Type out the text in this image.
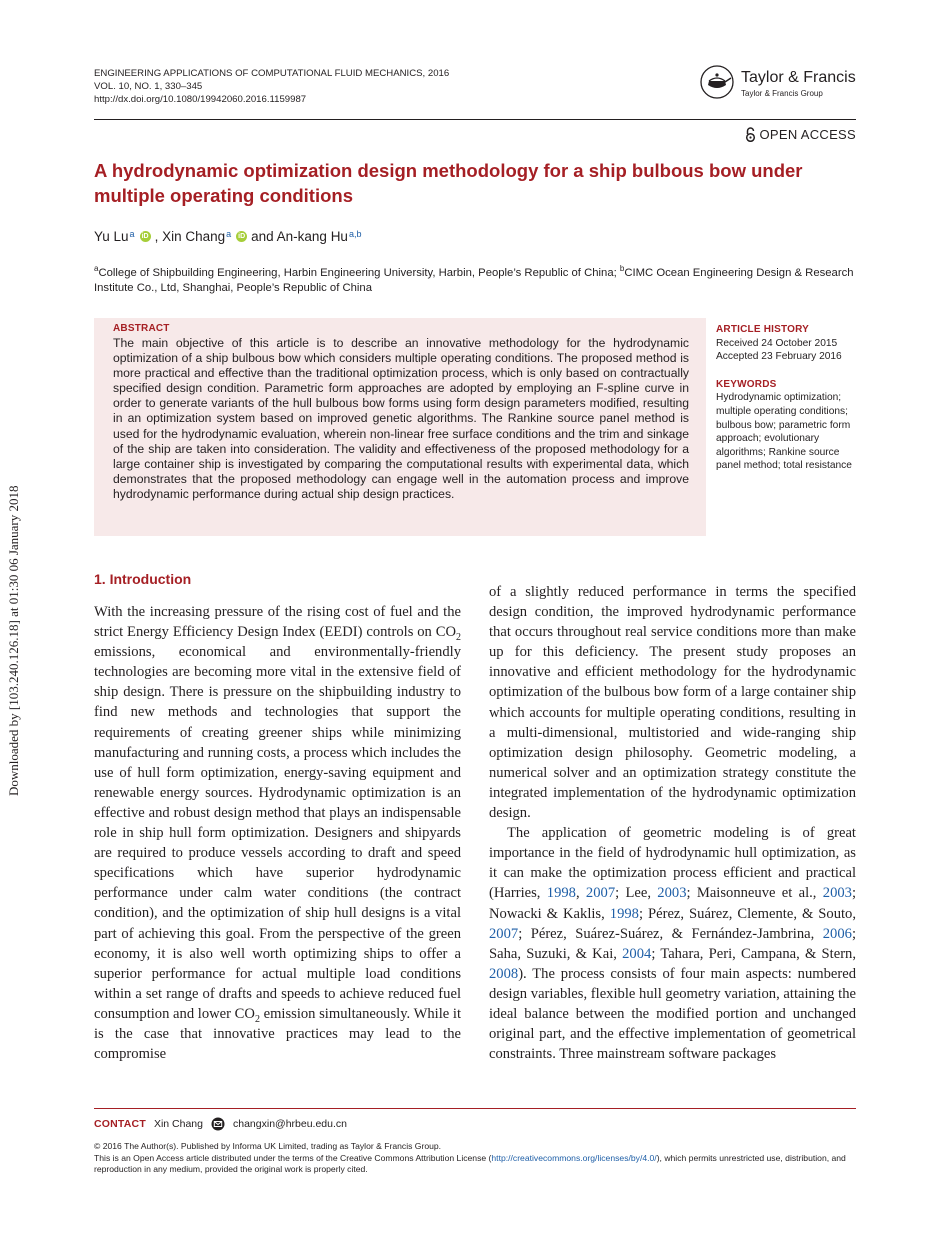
ENGINEERING APPLICATIONS OF COMPUTATIONAL FLUID MECHANICS, 2016
VOL. 10, NO. 1, 330–345
http://dx.doi.org/10.1080/19942060.2016.1159987
Taylor & Francis
Taylor & Francis Group
OPEN ACCESS
A hydrodynamic optimization design methodology for a ship bulbous bow under multiple operating conditions
Yu Lu$^a$ iD , Xin Chang$^a$ iD and An-kang Hu$^{a,b}$
$^a$College of Shipbuilding Engineering, Harbin Engineering University, Harbin, People’s Republic of China; $^b$CIMC Ocean Engineering Design & Research Institute Co., Ltd, Shanghai, People’s Republic of China
ABSTRACT
The main objective of this article is to describe an innovative methodology for the hydrodynamic optimization of a ship bulbous bow which considers multiple operating conditions. The proposed method is more practical and effective than the traditional optimization process, which is only based on contractually specified design condition. Parametric form approaches are adopted by employing an F-spline curve in order to generate variants of the hull bulbous bow forms using form design parameters modified, resulting in an optimization system based on improved genetic algorithms. The Rankine source panel method is used for the hydrodynamic evaluation, wherein non-linear free surface conditions and the trim and sinkage of the ship are taken into consideration. The validity and effectiveness of the proposed methodology for a large container ship is investigated by comparing the computational results with experimental data, which demonstrates that the proposed methodology can engage well in the automation process and improve hydrodynamic performance during actual ship design practices.
ARTICLE HISTORY
Received 24 October 2015
Accepted 23 February 2016
KEYWORDS
Hydrodynamic optimization; multiple operating conditions; bulbous bow; parametric form approach; evolutionary algorithms; Rankine source panel method; total resistance
1. Introduction

With the increasing pressure of the rising cost of fuel and the strict Energy Efficiency Design Index (EEDI) controls on $CO_2$ emissions, economical and environmentally-friendly technologies are becoming more vital in the extensive field of ship design. There is pressure on the shipbuilding industry to find new methods and technologies that support the requirements of creating greener ships while minimizing manufacturing and running costs, a process which includes the use of hull form optimization, energy-saving equipment and renewable energy sources. Hydrodynamic optimization is an effective and robust design method that plays an indispensable role in ship hull form optimization. Designers and shipyards are required to produce vessels according to draft and speed specifications which have superior hydrodynamic performance under calm water conditions (the contract condition), and the optimization of ship hull designs is a vital part of achieving this goal. From the perspective of the green economy, it is also well worth optimizing ships to offer a superior performance for actual multiple load conditions within a set range of drafts and speeds to achieve reduced fuel consumption and lower $CO_2$ emission simultaneously. While it is the case that innovative practices may lead to the compromise

of a slightly reduced performance in terms the specified design condition, the improved hydrodynamic performance that occurs throughout real service conditions more than make up for this deficiency. The present study proposes an innovative and efficient methodology for the hydrodynamic optimization of the bulbous bow form of a large container ship which accounts for multiple operating conditions, resulting in a multi-dimensional, multistoried and wide-ranging ship optimization design philosophy. Geometric modeling, a numerical solver and an optimization strategy constitute the integrated implementation of the hydrodynamic optimization design.

The application of geometric modeling is of great importance in the field of hydrodynamic hull optimization, as it can make the optimization process efficient and practical (Harries, 1998, 2007; Lee, 2003; Maisonneuve et al., 2003; Nowacki & Kaklis, 1998; Pérez, Suárez, Clemente, & Souto, 2007; Pérez, Suárez-Suárez, & Fernández-Jambrina, 2006; Saha, Suzuki, & Kai, 2004; Tahara, Peri, Campana, & Stern, 2008). The process consists of four main aspects: numbered design variables, flexible hull geometry variation, attaining the ideal balance between the modified portion and unchanged original part, and the effective implementation of geometrical constraints. Three mainstream software packages

CONTACT Xin Chang	changxin@hrbeu.edu.cn
© 2016 The Author(s). Published by Informa UK Limited, trading as Taylor & Francis Group.
This is an Open Access article distributed under the terms of the Creative Commons Attribution License (http://creativecommons.org/licenses/by/4.0/), which permits unrestricted use, distribution, and reproduction in any medium, provided the original work is properly cited.
Downloaded by [103.240.126.18] at 01:30 06 January 2018
